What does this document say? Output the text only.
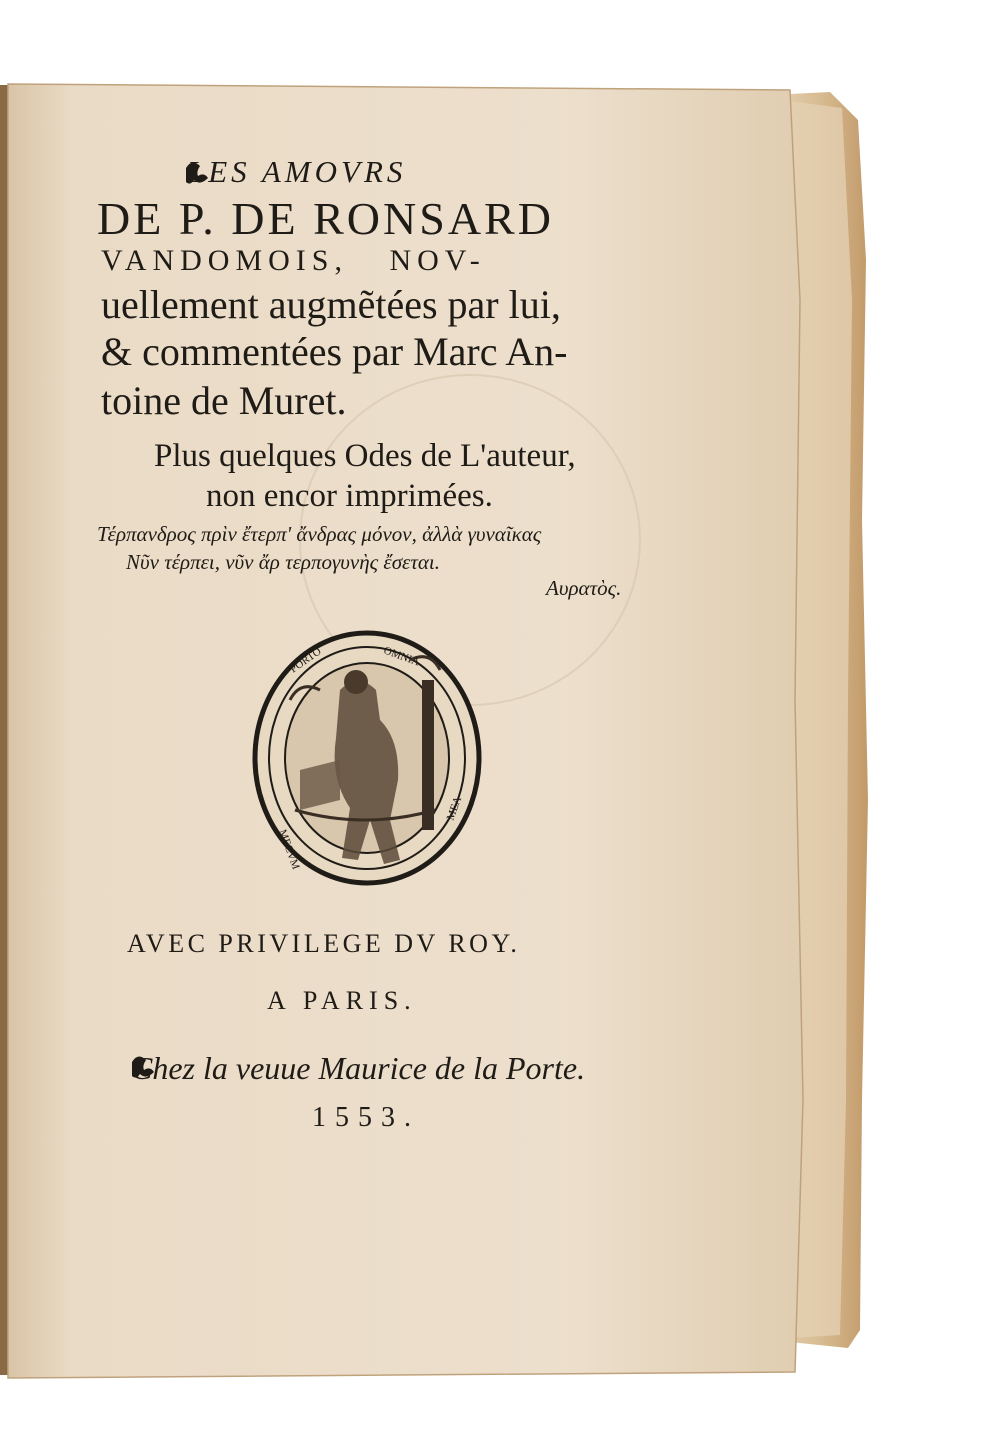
LES AMOVRS

DE P. DE RONSARD

VANDOMOIS, NOV-

uellement augmẽtées par lui,

& commentées par Marc An-

toine de Muret.

Plus quelques Odes de L'auteur,

non encor imprimées.

Τέρπανδρος πρὶν ἔτερπ' ἄνδρας μόνον, ἀλλὰ γυναῖκας

Νῦν τέρπει, νῦν ἄρ τερπογυνὴς ἔσεται.

Αυρατὸς.

PORTO	OMNIA
MEA
MECVM

AVEC PRIVILEGE DV ROY.

A PARIS.

Chez la veuue Maurice de la Porte.

1553.
